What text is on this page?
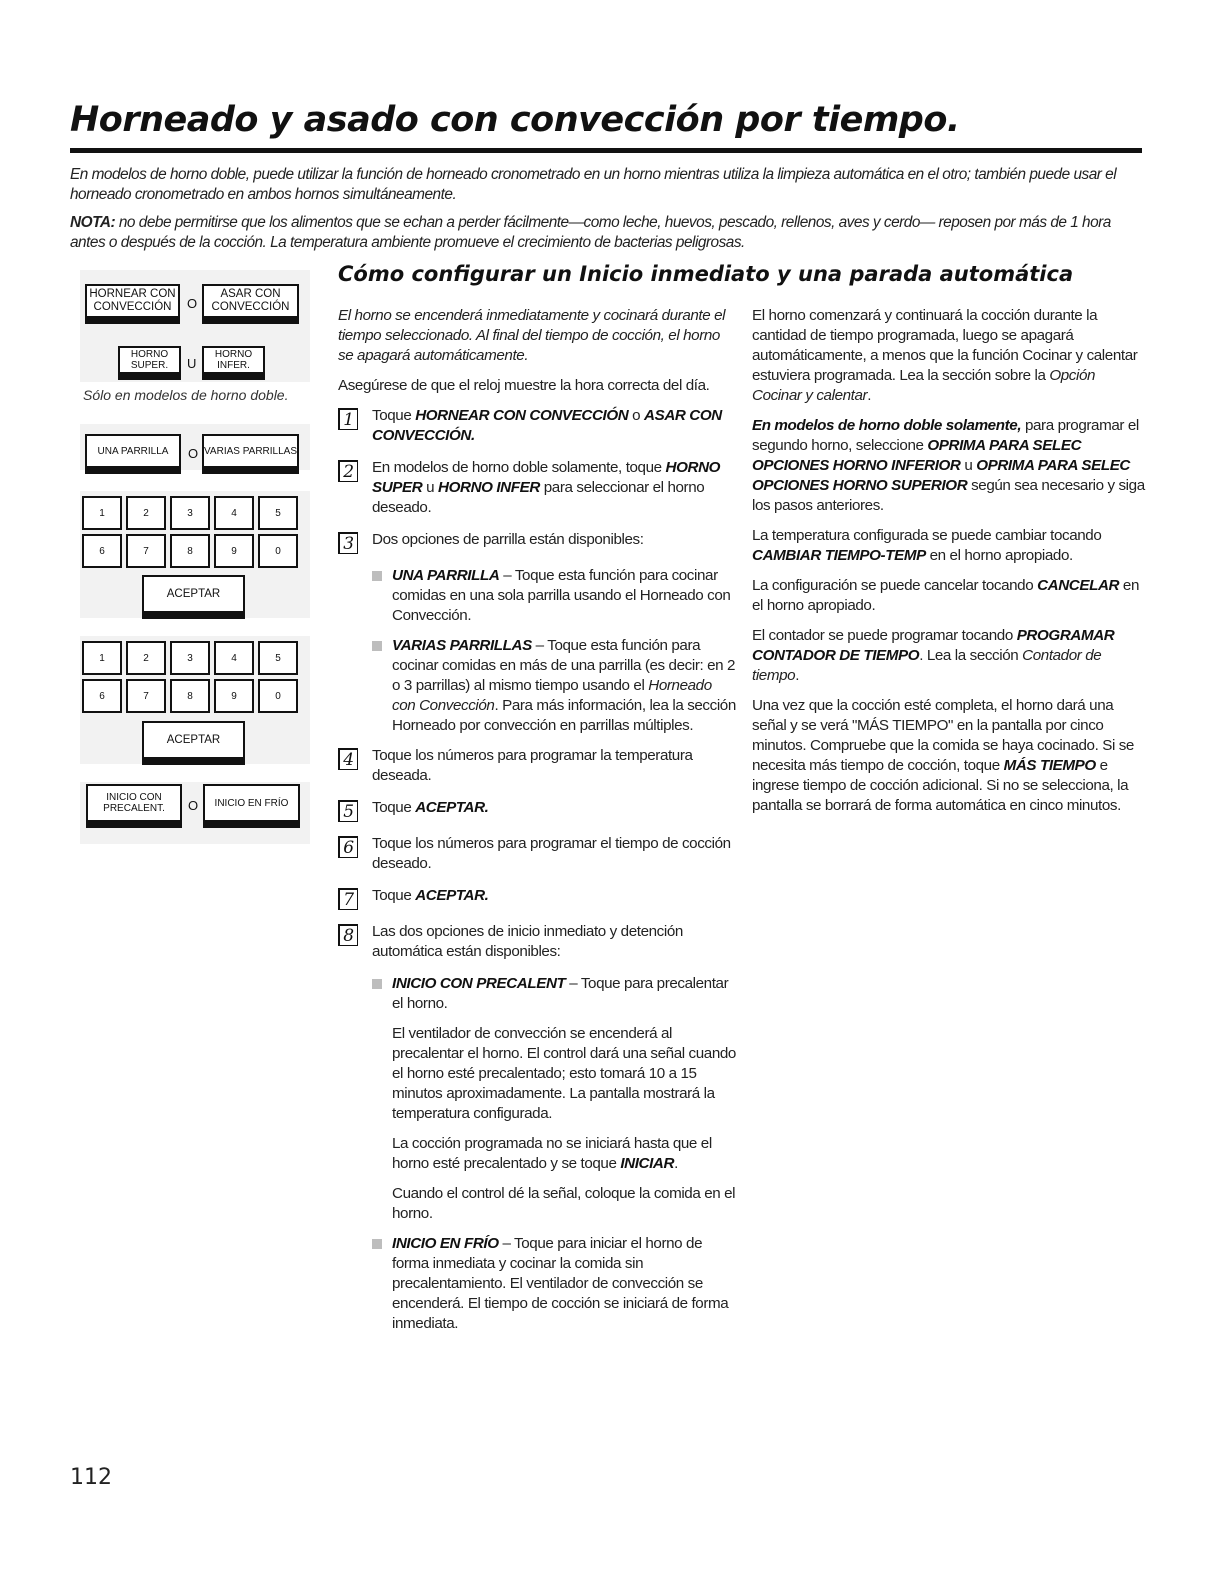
Horneado y asado con convección por tiempo.

En modelos de horno doble, puede utilizar la función de horneado cronometrado en un horno mientras utiliza la limpieza automática en el otro; también puede usar el horneado cronometrado en ambos hornos simultáneamente.

NOTA: no debe permitirse que los alimentos que se echan a perder fácilmente—como leche, huevos, pescado, rellenos, aves y cerdo— reposen por más de 1 hora antes o después de la cocción. La temperatura ambiente promueve el crecimiento de bacterias peligrosas.

HORNEAR CON CONVECCIÓN	O
ASAR CON CONVECCIÓN
HORNO SUPER.	U
HORNO INFER.
Sólo en modelos de horno doble.
UNA PARRILLA	O VARIAS PARRILLAS
1	2	3	4	5
6	7	8	9	0
ACEPTAR
1	2	3	4	5
6	7	8	9	0
ACEPTAR
INICIO CON PRECALENT.	O	INICIO EN FRÍO
Cómo configurar un Inicio inmediato y una parada automática

El horno se encenderá inmediatamente y cocinará durante el tiempo seleccionado. Al final del tiempo de cocción, el horno se apagará automáticamente.

Asegúrese de que el reloj muestre la hora correcta del día.

1 Toque HORNEAR CON CONVECCIÓN o ASAR CON CONVECCIÓN.
2 En modelos de horno doble solamente, toque HORNO SUPER u HORNO INFER para seleccionar el horno deseado.
3 Dos opciones de parrilla están disponibles:
UNA PARRILLA – Toque esta función para cocinar comidas en una sola parrilla usando el Horneado con Convección.
VARIAS PARRILLAS – Toque esta función para cocinar comidas en más de una parrilla (es decir: en 2 o 3 parrillas) al mismo tiempo usando el Horneado con Convección. Para más información, lea la sección Horneado por convección en parrillas múltiples.
4 Toque los números para programar la temperatura deseada.
5 Toque ACEPTAR.
6 Toque los números para programar el tiempo de cocción deseado.
7 Toque ACEPTAR.
8 Las dos opciones de inicio inmediato y detención automática están disponibles:
INICIO CON PRECALENT – Toque para precalentar el horno.

El ventilador de convección se encenderá al precalentar el horno. El control dará una señal cuando el horno esté precalentado; esto tomará 10 a 15 minutos aproximadamente. La pantalla mostrará la temperatura configurada.

La cocción programada no se iniciará hasta que el horno esté precalentado y se toque INICIAR.

Cuando el control dé la señal, coloque la comida en el horno.

INICIO EN FRÍO – Toque para iniciar el horno de forma inmediata y cocinar la comida sin precalentamiento. El ventilador de convección se encenderá. El tiempo de cocción se iniciará de forma inmediata.

El horno comenzará y continuará la cocción durante la cantidad de tiempo programada, luego se apagará automáticamente, a menos que la función Cocinar y calentar estuviera programada. Lea la sección sobre la Opción Cocinar y calentar.

En modelos de horno doble solamente, para programar el segundo horno, seleccione OPRIMA PARA SELEC OPCIONES HORNO INFERIOR u OPRIMA PARA SELEC OPCIONES HORNO SUPERIOR según sea necesario y siga los pasos anteriores.

La temperatura configurada se puede cambiar tocando CAMBIAR TIEMPO-TEMP en el horno apropiado.

La configuración se puede cancelar tocando CANCELAR en el horno apropiado.

El contador se puede programar tocando PROGRAMAR CONTADOR DE TIEMPO. Lea la sección Contador de tiempo.

Una vez que la cocción esté completa, el horno dará una señal y se verá "MÁS TIEMPO" en la pantalla por cinco minutos. Compruebe que la comida se haya cocinado. Si se necesita más tiempo de cocción, toque MÁS TIEMPO e ingrese tiempo de cocción adicional. Si no se selecciona, la pantalla se borrará de forma automática en cinco minutos.

112
